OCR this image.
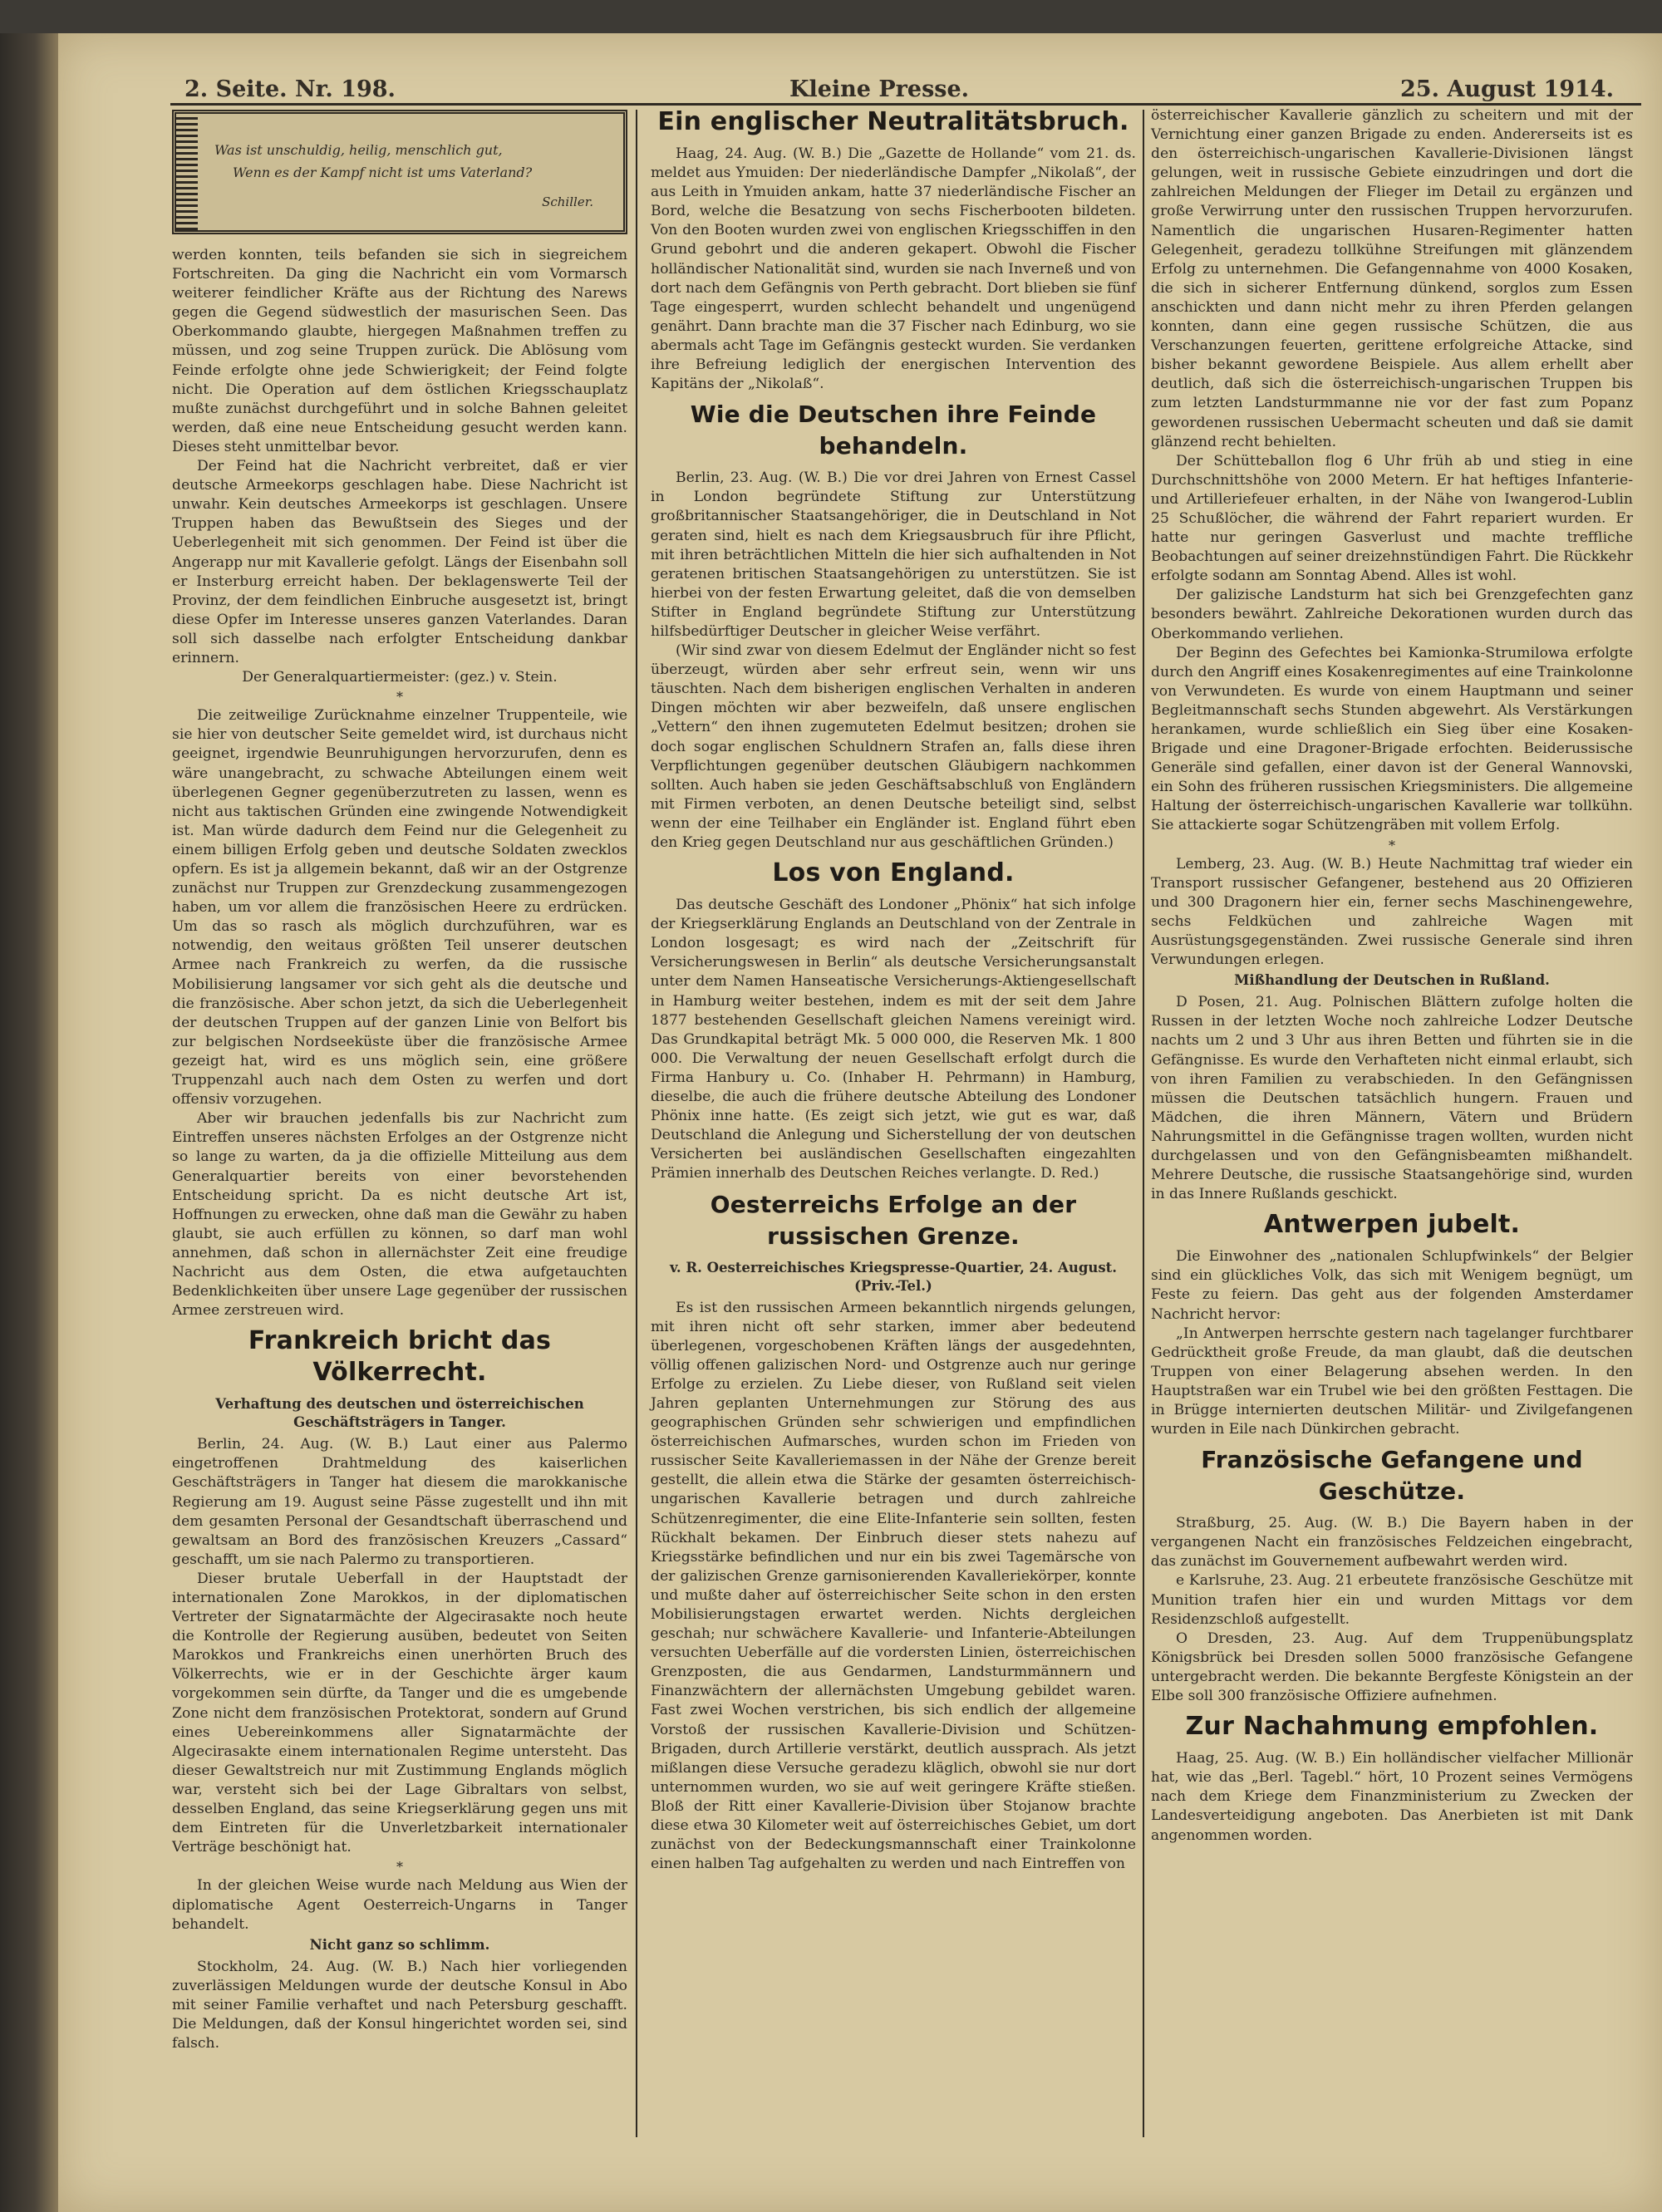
2. Seite. Nr. 198.	Kleine Presse.	25. August 1914.
Was ist unschuldig, heilig, menschlich gut,
Wenn es der Kampf nicht ist ums Vaterland?
Schiller.

werden konnten, teils befanden sie sich in siegreichem Fortschreiten. Da ging die Nachricht ein vom Vormarsch weiterer feindlicher Kräfte aus der Richtung des Narews gegen die Gegend südwestlich der masurischen Seen. Das Oberkommando glaubte, hiergegen Maßnahmen treffen zu müssen, und zog seine Truppen zurück. Die Ablösung vom Feinde erfolgte ohne jede Schwierigkeit; der Feind folgte nicht. Die Operation auf dem östlichen Kriegsschauplatz mußte zunächst durchgeführt und in solche Bahnen geleitet werden, daß eine neue Entscheidung gesucht werden kann. Dieses steht unmittelbar bevor.

Der Feind hat die Nachricht verbreitet, daß er vier deutsche Armeekorps geschlagen habe. Diese Nachricht ist unwahr. Kein deutsches Armeekorps ist geschlagen. Unsere Truppen haben das Bewußtsein des Sieges und der Ueberlegenheit mit sich genommen. Der Feind ist über die Angerapp nur mit Kavallerie gefolgt. Längs der Eisenbahn soll er Insterburg erreicht haben. Der beklagenswerte Teil der Provinz, der dem feindlichen Einbruche ausgesetzt ist, bringt diese Opfer im Interesse unseres ganzen Vaterlandes. Daran soll sich dasselbe nach erfolgter Entscheidung dankbar erinnern.

Der Generalquartiermeister: (gez.) v. Stein.

*

Die zeitweilige Zurücknahme einzelner Truppenteile, wie sie hier von deutscher Seite gemeldet wird, ist durchaus nicht geeignet, irgendwie Beunruhigungen hervorzurufen, denn es wäre unangebracht, zu schwache Abteilungen einem weit überlegenen Gegner gegenüberzutreten zu lassen, wenn es nicht aus taktischen Gründen eine zwingende Notwendigkeit ist. Man würde dadurch dem Feind nur die Gelegenheit zu einem billigen Erfolg geben und deutsche Soldaten zwecklos opfern. Es ist ja allgemein bekannt, daß wir an der Ostgrenze zunächst nur Truppen zur Grenzdeckung zusammengezogen haben, um vor allem die französischen Heere zu erdrücken. Um das so rasch als möglich durchzuführen, war es notwendig, den weitaus größten Teil unserer deutschen Armee nach Frankreich zu werfen, da die russische Mobilisierung langsamer vor sich geht als die deutsche und die französische. Aber schon jetzt, da sich die Ueberlegenheit der deutschen Truppen auf der ganzen Linie von Belfort bis zur belgischen Nordseeküste über die französische Armee gezeigt hat, wird es uns möglich sein, eine größere Truppenzahl auch nach dem Osten zu werfen und dort offensiv vorzugehen.

Aber wir brauchen jedenfalls bis zur Nachricht zum Eintreffen unseres nächsten Erfolges an der Ostgrenze nicht so lange zu warten, da ja die offizielle Mitteilung aus dem Generalquartier bereits von einer bevorstehenden Entscheidung spricht. Da es nicht deutsche Art ist, Hoffnungen zu erwecken, ohne daß man die Gewähr zu haben glaubt, sie auch erfüllen zu können, so darf man wohl annehmen, daß schon in allernächster Zeit eine freudige Nachricht aus dem Osten, die etwa aufgetauchten Bedenklichkeiten über unsere Lage gegenüber der russischen Armee zerstreuen wird.

Frankreich bricht das Völkerrecht.
Verhaftung des deutschen und österreichischen Geschäftsträgers in Tanger.

Berlin, 24. Aug. (W. B.) Laut einer aus Palermo eingetroffenen Drahtmeldung des kaiserlichen Geschäftsträgers in Tanger hat diesem die marokkanische Regierung am 19. August seine Pässe zugestellt und ihn mit dem gesamten Personal der Gesandtschaft überraschend und gewaltsam an Bord des französischen Kreuzers „Cassard“ geschafft, um sie nach Palermo zu transportieren.

Dieser brutale Ueberfall in der Hauptstadt der internationalen Zone Marokkos, in der diplomatischen Vertreter der Signatarmächte der Algecirasakte noch heute die Kontrolle der Regierung ausüben, bedeutet von Seiten Marokkos und Frankreichs einen unerhörten Bruch des Völkerrechts, wie er in der Geschichte ärger kaum vorgekommen sein dürfte, da Tanger und die es umgebende Zone nicht dem französischen Protektorat, sondern auf Grund eines Uebereinkommens aller Signatarmächte der Algecirasakte einem internationalen Regime untersteht. Das dieser Gewaltstreich nur mit Zustimmung Englands möglich war, versteht sich bei der Lage Gibraltars von selbst, desselben England, das seine Kriegserklärung gegen uns mit dem Eintreten für die Unverletzbarkeit internationaler Verträge beschönigt hat.

*

In der gleichen Weise wurde nach Meldung aus Wien der diplomatische Agent Oesterreich-Ungarns in Tanger behandelt.

Nicht ganz so schlimm.

Stockholm, 24. Aug. (W. B.) Nach hier vorliegenden zuverlässigen Meldungen wurde der deutsche Konsul in Abo mit seiner Familie verhaftet und nach Petersburg geschafft. Die Meldungen, daß der Konsul hingerichtet worden sei, sind falsch.

Ein englischer Neutralitätsbruch.

Haag, 24. Aug. (W. B.) Die „Gazette de Hollande“ vom 21. ds. meldet aus Ymuiden: Der niederländische Dampfer „Nikolaß“, der aus Leith in Ymuiden ankam, hatte 37 niederländische Fischer an Bord, welche die Besatzung von sechs Fischerbooten bildeten. Von den Booten wurden zwei von englischen Kriegsschiffen in den Grund gebohrt und die anderen gekapert. Obwohl die Fischer holländischer Nationalität sind, wurden sie nach Inverneß und von dort nach dem Gefängnis von Perth gebracht. Dort blieben sie fünf Tage eingesperrt, wurden schlecht behandelt und ungenügend genährt. Dann brachte man die 37 Fischer nach Edinburg, wo sie abermals acht Tage im Gefängnis gesteckt wurden. Sie verdanken ihre Befreiung lediglich der energischen Intervention des Kapitäns der „Nikolaß“.

Wie die Deutschen ihre Feinde behandeln.

Berlin, 23. Aug. (W. B.) Die vor drei Jahren von Ernest Cassel in London begründete Stiftung zur Unterstützung großbritannischer Staatsangehöriger, die in Deutschland in Not geraten sind, hielt es nach dem Kriegsausbruch für ihre Pflicht, mit ihren beträchtlichen Mitteln die hier sich aufhaltenden in Not geratenen britischen Staatsangehörigen zu unterstützen. Sie ist hierbei von der festen Erwartung geleitet, daß die von demselben Stifter in England begründete Stiftung zur Unterstützung hilfsbedürftiger Deutscher in gleicher Weise verfährt.

(Wir sind zwar von diesem Edelmut der Engländer nicht so fest überzeugt, würden aber sehr erfreut sein, wenn wir uns täuschten. Nach dem bisherigen englischen Verhalten in anderen Dingen möchten wir aber bezweifeln, daß unsere englischen „Vettern“ den ihnen zugemuteten Edelmut besitzen; drohen sie doch sogar englischen Schuldnern Strafen an, falls diese ihren Verpflichtungen gegenüber deutschen Gläubigern nachkommen sollten. Auch haben sie jeden Geschäftsabschluß von Engländern mit Firmen verboten, an denen Deutsche beteiligt sind, selbst wenn der eine Teilhaber ein Engländer ist. England führt eben den Krieg gegen Deutschland nur aus geschäftlichen Gründen.)

Los von England.

Das deutsche Geschäft des Londoner „Phönix“ hat sich infolge der Kriegserklärung Englands an Deutschland von der Zentrale in London losgesagt; es wird nach der „Zeitschrift für Versicherungswesen in Berlin“ als deutsche Versicherungsanstalt unter dem Namen Hanseatische Versicherungs-Aktiengesellschaft in Hamburg weiter bestehen, indem es mit der seit dem Jahre 1877 bestehenden Gesellschaft gleichen Namens vereinigt wird. Das Grundkapital beträgt Mk. 5 000 000, die Reserven Mk. 1 800 000. Die Verwaltung der neuen Gesellschaft erfolgt durch die Firma Hanbury u. Co. (Inhaber H. Pehrmann) in Hamburg, dieselbe, die auch die frühere deutsche Abteilung des Londoner Phönix inne hatte. (Es zeigt sich jetzt, wie gut es war, daß Deutschland die Anlegung und Sicherstellung der von deutschen Versicherten bei ausländischen Gesellschaften eingezahlten Prämien innerhalb des Deutschen Reiches verlangte. D. Red.)

Oesterreichs Erfolge an der russischen Grenze.
v. R. Oesterreichisches Kriegspresse-Quartier, 24. August. (Priv.-Tel.)

Es ist den russischen Armeen bekanntlich nirgends gelungen, mit ihren nicht oft sehr starken, immer aber bedeutend überlegenen, vorgeschobenen Kräften längs der ausgedehnten, völlig offenen galizischen Nord- und Ostgrenze auch nur geringe Erfolge zu erzielen. Zu Liebe dieser, von Rußland seit vielen Jahren geplanten Unternehmungen zur Störung des aus geographischen Gründen sehr schwierigen und empfindlichen österreichischen Aufmarsches, wurden schon im Frieden von russischer Seite Kavalleriemassen in der Nähe der Grenze bereit gestellt, die allein etwa die Stärke der gesamten österreichisch-ungarischen Kavallerie betragen und durch zahlreiche Schützenregimenter, die eine Elite-Infanterie sein sollten, festen Rückhalt bekamen. Der Einbruch dieser stets nahezu auf Kriegsstärke befindlichen und nur ein bis zwei Tagemärsche von der galizischen Grenze garnisonierenden Kavalleriekörper, konnte und mußte daher auf österreichischer Seite schon in den ersten Mobilisierungstagen erwartet werden. Nichts dergleichen geschah; nur schwächere Kavallerie- und Infanterie-Abteilungen versuchten Ueberfälle auf die vordersten Linien, österreichischen Grenzposten, die aus Gendarmen, Landsturmmännern und Finanzwächtern der allernächsten Umgebung gebildet waren. Fast zwei Wochen verstrichen, bis sich endlich der allgemeine Vorstoß der russischen Kavallerie-Division und Schützen-Brigaden, durch Artillerie verstärkt, deutlich aussprach. Als jetzt mißlangen diese Versuche geradezu kläglich, obwohl sie nur dort unternommen wurden, wo sie auf weit geringere Kräfte stießen. Bloß der Ritt einer Kavallerie-Division über Stojanow brachte diese etwa 30 Kilometer weit auf österreichisches Gebiet, um dort zunächst von der Bedeckungsmannschaft einer Trainkolonne einen halben Tag aufgehalten zu werden und nach Eintreffen von

österreichischer Kavallerie gänzlich zu scheitern und mit der Vernichtung einer ganzen Brigade zu enden. Andererseits ist es den österreichisch-ungarischen Kavallerie-Divisionen längst gelungen, weit in russische Gebiete einzudringen und dort die zahlreichen Meldungen der Flieger im Detail zu ergänzen und große Verwirrung unter den russischen Truppen hervorzurufen. Namentlich die ungarischen Husaren-Regimenter hatten Gelegenheit, geradezu tollkühne Streifungen mit glänzendem Erfolg zu unternehmen. Die Gefangennahme von 4000 Kosaken, die sich in sicherer Entfernung dünkend, sorglos zum Essen anschickten und dann nicht mehr zu ihren Pferden gelangen konnten, dann eine gegen russische Schützen, die aus Verschanzungen feuerten, gerittene erfolgreiche Attacke, sind bisher bekannt gewordene Beispiele. Aus allem erhellt aber deutlich, daß sich die österreichisch-ungarischen Truppen bis zum letzten Landsturmmanne nie vor der fast zum Popanz gewordenen russischen Uebermacht scheuten und daß sie damit glänzend recht behielten.

Der Schütteballon flog 6 Uhr früh ab und stieg in eine Durchschnittshöhe von 2000 Metern. Er hat heftiges Infanterie- und Artilleriefeuer erhalten, in der Nähe von Iwangerod-Lublin 25 Schußlöcher, die während der Fahrt repariert wurden. Er hatte nur geringen Gasverlust und machte treffliche Beobachtungen auf seiner dreizehnstündigen Fahrt. Die Rückkehr erfolgte sodann am Sonntag Abend. Alles ist wohl.

Der galizische Landsturm hat sich bei Grenzgefechten ganz besonders bewährt. Zahlreiche Dekorationen wurden durch das Oberkommando verliehen.

Der Beginn des Gefechtes bei Kamionka-Strumilowa erfolgte durch den Angriff eines Kosakenregimentes auf eine Trainkolonne von Verwundeten. Es wurde von einem Hauptmann und seiner Begleitmannschaft sechs Stunden abgewehrt. Als Verstärkungen herankamen, wurde schließlich ein Sieg über eine Kosaken-Brigade und eine Dragoner-Brigade erfochten. Beiderussische Generäle sind gefallen, einer davon ist der General Wannovski, ein Sohn des früheren russischen Kriegsministers. Die allgemeine Haltung der österreichisch-ungarischen Kavallerie war tollkühn. Sie attackierte sogar Schützengräben mit vollem Erfolg.

*

Lemberg, 23. Aug. (W. B.) Heute Nachmittag traf wieder ein Transport russischer Gefangener, bestehend aus 20 Offizieren und 300 Dragonern hier ein, ferner sechs Maschinengewehre, sechs Feldküchen und zahlreiche Wagen mit Ausrüstungsgegenständen. Zwei russische Generale sind ihren Verwundungen erlegen.

Mißhandlung der Deutschen in Rußland.

D Posen, 21. Aug. Polnischen Blättern zufolge holten die Russen in der letzten Woche noch zahlreiche Lodzer Deutsche nachts um 2 und 3 Uhr aus ihren Betten und führten sie in die Gefängnisse. Es wurde den Verhafteten nicht einmal erlaubt, sich von ihren Familien zu verabschieden. In den Gefängnissen müssen die Deutschen tatsächlich hungern. Frauen und Mädchen, die ihren Männern, Vätern und Brüdern Nahrungsmittel in die Gefängnisse tragen wollten, wurden nicht durchgelassen und von den Gefängnisbeamten mißhandelt. Mehrere Deutsche, die russische Staatsangehörige sind, wurden in das Innere Rußlands geschickt.

Antwerpen jubelt.

Die Einwohner des „nationalen Schlupfwinkels“ der Belgier sind ein glückliches Volk, das sich mit Wenigem begnügt, um Feste zu feiern. Das geht aus der folgenden Amsterdamer Nachricht hervor:

„In Antwerpen herrschte gestern nach tagelanger furchtbarer Gedrücktheit große Freude, da man glaubt, daß die deutschen Truppen von einer Belagerung absehen werden. In den Hauptstraßen war ein Trubel wie bei den größten Festtagen. Die in Brügge internierten deutschen Militär- und Zivilgefangenen wurden in Eile nach Dünkirchen gebracht.

Französische Gefangene und Geschütze.

Straßburg, 25. Aug. (W. B.) Die Bayern haben in der vergangenen Nacht ein französisches Feldzeichen eingebracht, das zunächst im Gouvernement aufbewahrt werden wird.

e Karlsruhe, 23. Aug. 21 erbeutete französische Geschütze mit Munition trafen hier ein und wurden Mittags vor dem Residenzschloß aufgestellt.

O Dresden, 23. Aug. Auf dem Truppenübungsplatz Königsbrück bei Dresden sollen 5000 französische Gefangene untergebracht werden. Die bekannte Bergfeste Königstein an der Elbe soll 300 französische Offiziere aufnehmen.

Zur Nachahmung empfohlen.

Haag, 25. Aug. (W. B.) Ein holländischer vielfacher Millionär hat, wie das „Berl. Tagebl.“ hört, 10 Prozent seines Vermögens nach dem Kriege dem Finanzministerium zu Zwecken der Landesverteidigung angeboten. Das Anerbieten ist mit Dank angenommen worden.
